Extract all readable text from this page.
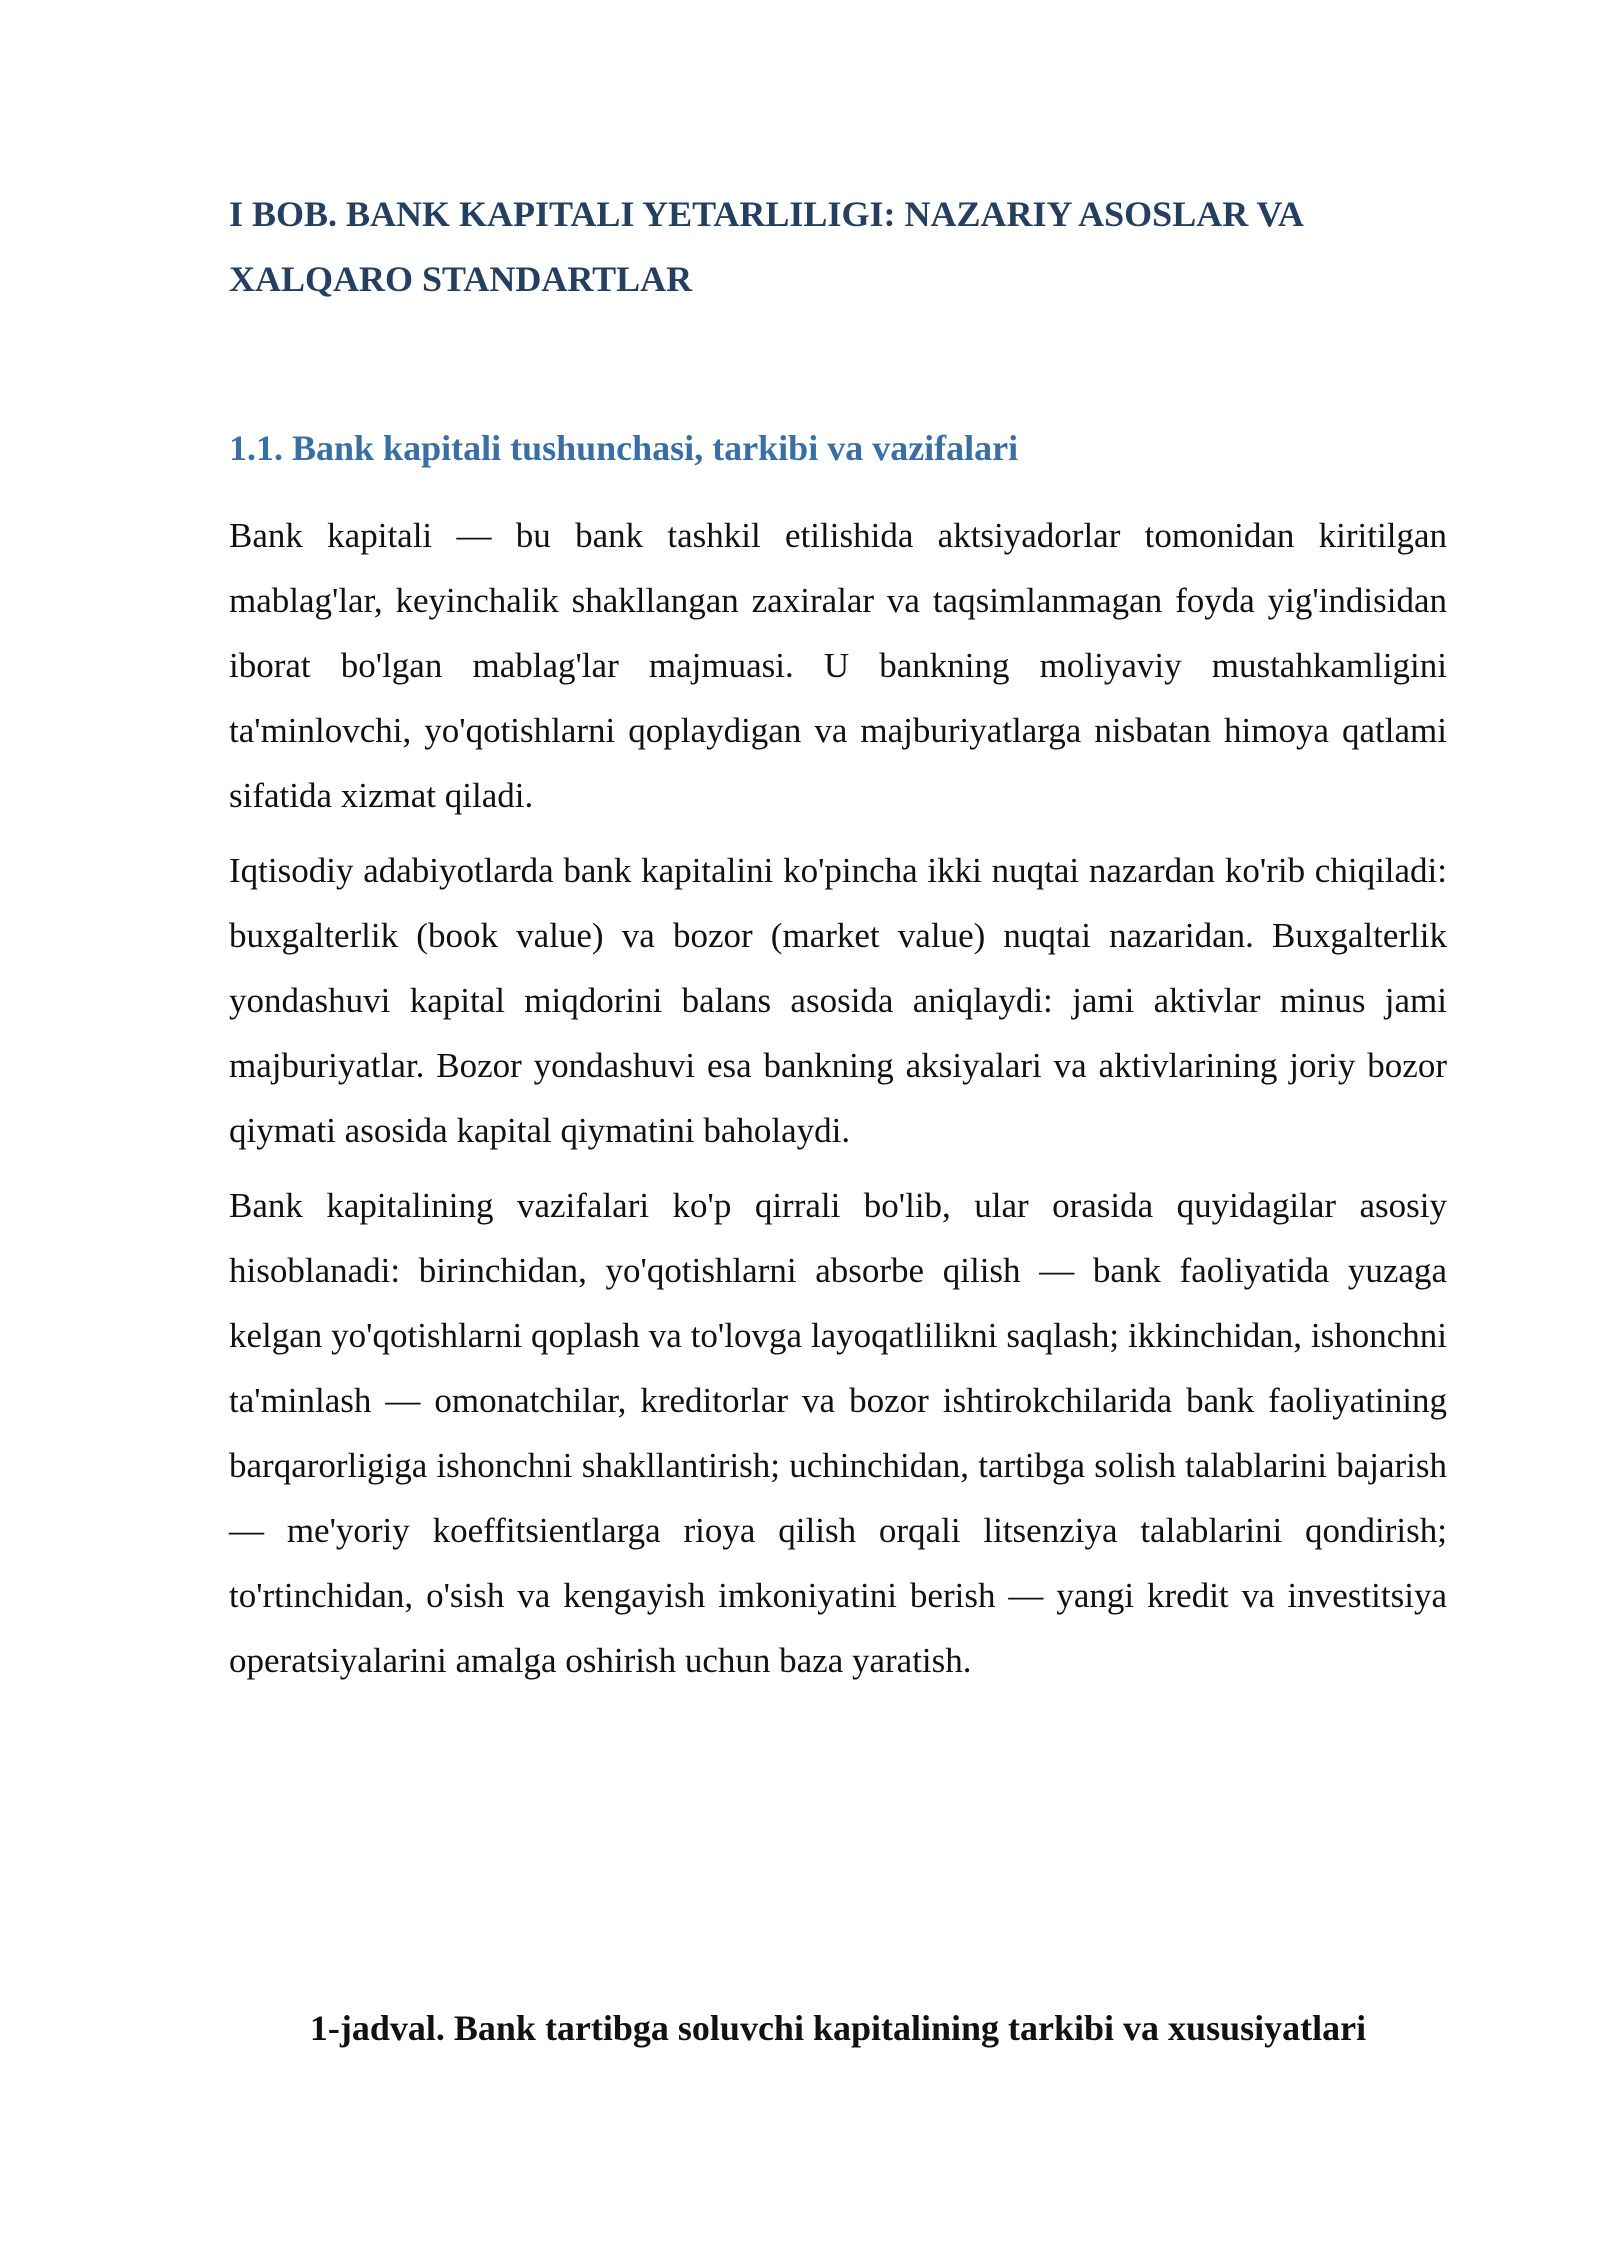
I BOB. BANK KAPITALI YETARLILIGI: NAZARIY ASOSLAR VA XALQARO STANDARTLAR
1.1. Bank kapitali tushunchasi, tarkibi va vazifalari

Bank kapitali — bu bank tashkil etilishida aktsiyadorlar tomonidan kiritilgan mablag'lar, keyinchalik shakllangan zaxiralar va taqsimlanmagan foyda yig'indisidan iborat bo'lgan mablag'lar majmuasi. U bankning moliyaviy mustahkamligini ta'minlovchi, yo'qotishlarni qoplaydigan va majburiyatlarga nisbatan himoya qatlami sifatida xizmat qiladi.

Iqtisodiy adabiyotlarda bank kapitalini ko'pincha ikki nuqtai nazardan ko'rib chiqiladi: buxgalterlik (book value) va bozor (market value) nuqtai nazaridan. Buxgalterlik yondashuvi kapital miqdorini balans asosida aniqlaydi: jami aktivlar minus jami majburiyatlar. Bozor yondashuvi esa bankning aksiyalari va aktivlarining joriy bozor qiymati asosida kapital qiymatini baholaydi.

Bank kapitalining vazifalari ko'p qirrali bo'lib, ular orasida quyidagilar asosiy hisoblanadi: birinchidan, yo'qotishlarni absorbe qilish — bank faoliyatida yuzaga kelgan yo'qotishlarni qoplash va to'lovga layoqatlilikni saqlash; ikkinchidan, ishonchni ta'minlash — omonatchilar, kreditorlar va bozor ishtirokchilarida bank faoliyatining barqarorligiga ishonchni shakllantirish; uchinchidan, tartibga solish talablarini bajarish — me'yoriy koeffitsientlarga rioya qilish orqali litsenziya talablarini qondirish; to'rtinchidan, o'sish va kengayish imkoniyatini berish — yangi kredit va investitsiya operatsiyalarini amalga oshirish uchun baza yaratish.

1-jadval. Bank tartibga soluvchi kapitalining tarkibi va xususiyatlari
